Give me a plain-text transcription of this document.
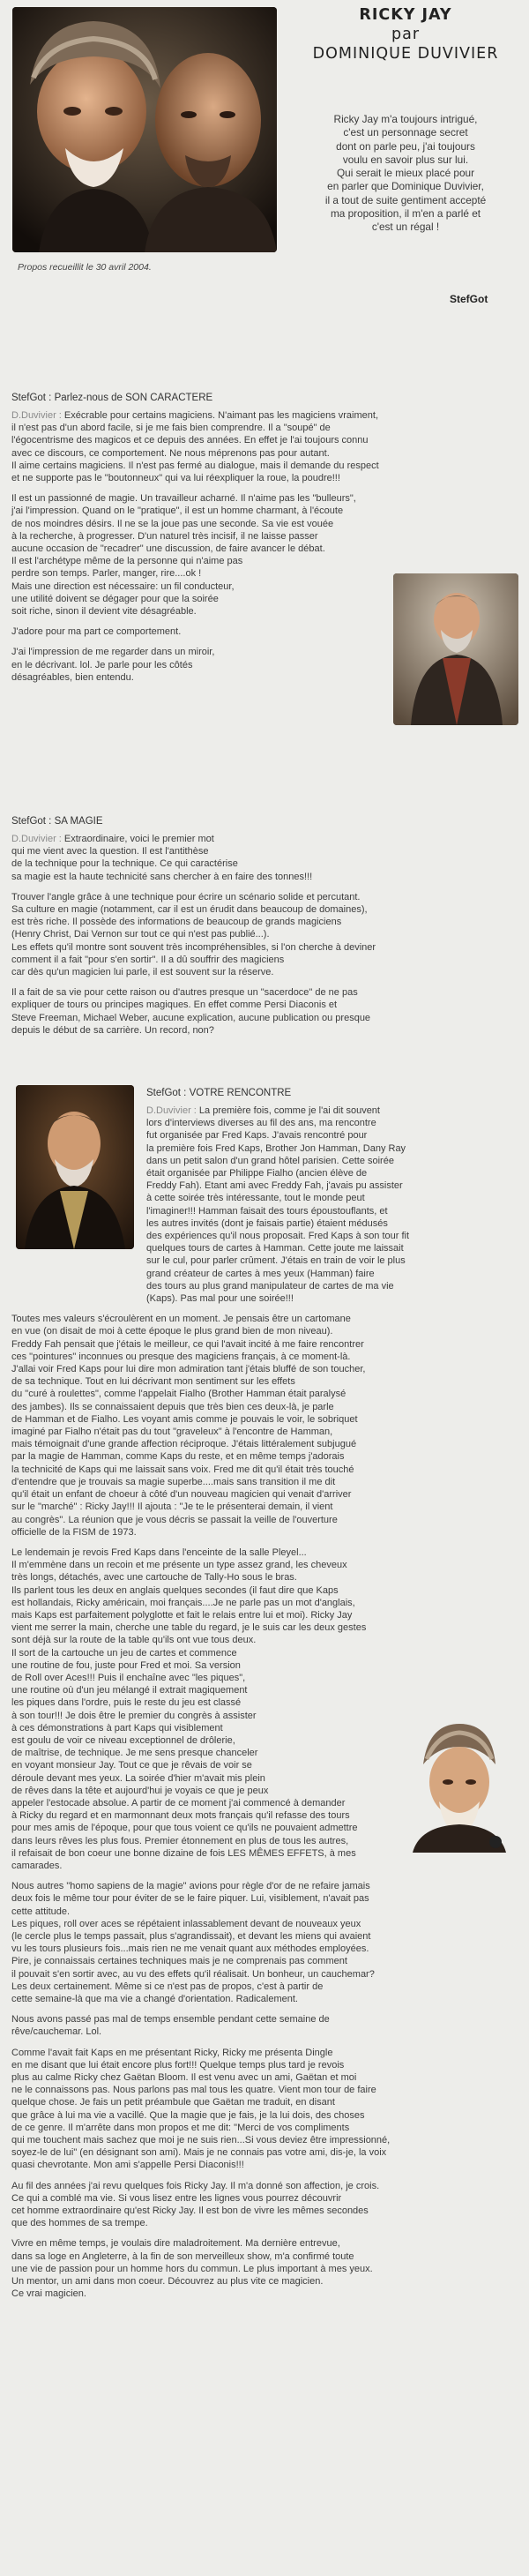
RICKY JAY
par
DOMINIQUE DUVIVIER
Ricky Jay m'a toujours intrigué,
c'est un personnage secret
dont on parle peu, j'ai toujours
voulu en savoir plus sur lui.
Qui serait le mieux placé pour
en parler que Dominique Duvivier,
il a tout de suite gentiment accepté
ma proposition, il m'en a parlé et
c'est un régal !
StefGot
Propos recueillit le 30 avril 2004.
StefGot : Parlez-nous de SON CARACTERE

D.Duvivier : Exécrable pour certains magiciens. N'aimant pas les magiciens vraiment,
il n'est pas d'un abord facile, si je me fais bien comprendre. Il a "soupé" de
l'égocentrisme des magicos et ce depuis des années. En effet je l'ai toujours connu
avec ce discours, ce comportement. Ne nous méprenons pas pour autant.
Il aime certains magiciens. Il n'est pas fermé au dialogue, mais il demande du respect
et ne supporte pas le "boutonneux" qui va lui réexpliquer la roue, la poudre!!!

Il est un passionné de magie. Un travailleur acharné. Il n'aime pas les "bulleurs",
j'ai l'impression. Quand on le "pratique", il est un homme charmant, à l'écoute
de nos moindres désirs. Il ne se la joue pas une seconde. Sa vie est vouée
à la recherche, à progresser. D'un naturel très incisif, il ne laisse passer
aucune occasion de "recadrer" une discussion, de faire avancer le débat.
Il est l'archétype même de la personne qui n'aime pas
perdre son temps. Parler, manger, rire....ok !
Mais une direction est nécessaire: un fil conducteur,
une utilité doivent se dégager pour que la soirée
soit riche, sinon il devient vite désagréable.

J'adore pour ma part ce comportement.

J'ai l'impression de me regarder dans un miroir,
en le décrivant. lol. Je parle pour les côtés
désagréables, bien entendu.

StefGot : SA MAGIE

D.Duvivier : Extraordinaire, voici le premier mot
qui me vient avec la question. Il est l'antithèse
de la technique pour la technique. Ce qui caractérise
sa magie est la haute technicité sans chercher à en faire des tonnes!!!

Trouver l'angle grâce à une technique pour écrire un scénario solide et percutant.
Sa culture en magie (notamment, car il est un érudit dans beaucoup de domaines),
est très riche. Il possède des informations de beaucoup de grands magiciens
(Henry Christ, Dai Vernon sur tout ce qui n'est pas publié...).
Les effets qu'il montre sont souvent très incompréhensibles, si l'on cherche à deviner
comment il a fait "pour s'en sortir". Il a dû souffrir des magiciens
car dès qu'un magicien lui parle, il est souvent sur la réserve.

Il a fait de sa vie pour cette raison ou d'autres presque un "sacerdoce" de ne pas
expliquer de tours ou principes magiques. En effet comme Persi Diaconis et
Steve Freeman, Michael Weber, aucune explication, aucune publication ou presque
depuis le début de sa carrière. Un record, non?

StefGot : VOTRE RENCONTRE

D.Duvivier : La première fois, comme je l'ai dit souvent
lors d'interviews diverses au fil des ans, ma rencontre
fut organisée par Fred Kaps. J'avais rencontré pour
la première fois Fred Kaps, Brother Jon Hamman, Dany Ray
dans un petit salon d'un grand hôtel parisien. Cette soirée
était organisée par Philippe Fialho (ancien élève de
Freddy Fah). Etant ami avec Freddy Fah, j'avais pu assister
à cette soirée très intéressante, tout le monde peut
l'imaginer!!! Hamman faisait des tours époustouflants, et
les autres invités (dont je faisais partie) étaient médusés
des expériences qu'il nous proposait. Fred Kaps à son tour fit
quelques tours de cartes à Hamman. Cette joute me laissait
sur le cul, pour parler crûment. J'étais en train de voir le plus
grand créateur de cartes à mes yeux (Hamman) faire
des tours au plus grand manipulateur de cartes de ma vie
(Kaps). Pas mal pour une soirée!!!

Toutes mes valeurs s'écroulèrent en un moment. Je pensais être un cartomane
en vue (on disait de moi à cette époque le plus grand bien de mon niveau).
Freddy Fah pensait que j'étais le meilleur, ce qui l'avait incité à me faire rencontrer
ces "pointures" inconnues ou presque des magiciens français, à ce moment-là.
J'allai voir Fred Kaps pour lui dire mon admiration tant j'étais bluffé de son toucher,
de sa technique. Tout en lui décrivant mon sentiment sur les effets
du "curé à roulettes", comme l'appelait Fialho (Brother Hamman était paralysé
des jambes). Ils se connaissaient depuis que très bien ces deux-là, je parle
de Hamman et de Fialho. Les voyant amis comme je pouvais le voir, le sobriquet
imaginé par Fialho n'était pas du tout "graveleux" à l'encontre de Hamman,
mais témoignait d'une grande affection réciproque. J'étais littéralement subjugué
par la magie de Hamman, comme Kaps du reste, et en même temps j'adorais
la technicité de Kaps qui me laissait sans voix. Fred me dit qu'il était très touché
d'entendre que je trouvais sa magie superbe....mais sans transition il me dit
qu'il était un enfant de choeur à côté d'un nouveau magicien qui venait d'arriver
sur le "marché" : Ricky Jay!!! Il ajouta : "Je te le présenterai demain, il vient
au congrès". La réunion que je vous décris se passait la veille de l'ouverture
officielle de la FISM de 1973.

Le lendemain je revois Fred Kaps dans l'enceinte de la salle Pleyel...
Il m'emmène dans un recoin et me présente un type assez grand, les cheveux
très longs, détachés, avec une cartouche de Tally-Ho sous le bras.
Ils parlent tous les deux en anglais quelques secondes (il faut dire que Kaps
est hollandais, Ricky américain, moi français....Je ne parle pas un mot d'anglais,
mais Kaps est parfaitement polyglotte et fait le relais entre lui et moi). Ricky Jay
vient me serrer la main, cherche une table du regard, je le suis car les deux gestes
sont déjà sur la route de la table qu'ils ont vue tous deux.
Il sort de la cartouche un jeu de cartes et commence
une routine de fou, juste pour Fred et moi. Sa version
de Roll over Aces!!! Puis il enchaîne avec "les piques",
une routine où d'un jeu mélangé il extrait magiquement
les piques dans l'ordre, puis le reste du jeu est classé
à son tour!!! Je dois être le premier du congrès à assister
à ces démonstrations à part Kaps qui visiblement
est goulu de voir ce niveau exceptionnel de drôlerie,
de maîtrise, de technique. Je me sens presque chanceler
en voyant monsieur Jay. Tout ce que je rêvais de voir se
déroule devant mes yeux. La soirée d'hier m'avait mis plein
de rêves dans la tête et aujourd'hui je voyais ce que je peux
appeler l'estocade absolue. A partir de ce moment j'ai commencé à demander
à Ricky du regard et en marmonnant deux mots français qu'il refasse des tours
pour mes amis de l'époque, pour que tous voient ce qu'ils ne pouvaient admettre
dans leurs rêves les plus fous. Premier étonnement en plus de tous les autres,
il refaisait de bon coeur une bonne dizaine de fois LES MÊMES EFFETS, à mes
camarades.

Nous autres "homo sapiens de la magie" avions pour règle d'or de ne refaire jamais
deux fois le même tour pour éviter de se le faire piquer. Lui, visiblement, n'avait pas
cette attitude.
Les piques, roll over aces se répétaient inlassablement devant de nouveaux yeux
(le cercle plus le temps passait, plus s'agrandissait), et devant les miens qui avaient
vu les tours plusieurs fois...mais rien ne me venait quant aux méthodes employées.
Pire, je connaissais certaines techniques mais je ne comprenais pas comment
il pouvait s'en sortir avec, au vu des effets qu'il réalisait. Un bonheur, un cauchemar?
Les deux certainement. Même si ce n'est pas de propos, c'est à partir de
cette semaine-là que ma vie a changé d'orientation. Radicalement.

Nous avons passé pas mal de temps ensemble pendant cette semaine de
rêve/cauchemar. Lol.

Comme l'avait fait Kaps en me présentant Ricky, Ricky me présenta Dingle
en me disant que lui était encore plus fort!!! Quelque temps plus tard je revois
plus au calme Ricky chez Gaëtan Bloom. Il est venu avec un ami, Gaëtan et moi
ne le connaissons pas. Nous parlons pas mal tous les quatre. Vient mon tour de faire
quelque chose. Je fais un petit préambule que Gaëtan me traduit, en disant
que grâce à lui ma vie a vacillé. Que la magie que je fais, je la lui dois, des choses
de ce genre. Il m'arrête dans mon propos et me dit: "Merci de vos compliments
qui me touchent mais sachez que moi je ne suis rien...Si vous deviez être impressionné,
soyez-le de lui" (en désignant son ami). Mais je ne connais pas votre ami, dis-je, la voix
quasi chevrotante. Mon ami s'appelle Persi Diaconis!!!

Au fil des années j'ai revu quelques fois Ricky Jay. Il m'a donné son affection, je crois.
Ce qui a comblé ma vie. Si vous lisez entre les lignes vous pourrez découvrir
cet homme extraordinaire qu'est Ricky Jay. Il est bon de vivre les mêmes secondes
que des hommes de sa trempe.

Vivre en même temps, je voulais dire maladroitement. Ma dernière entrevue,
dans sa loge en Angleterre, à la fin de son merveilleux show, m'a confirmé toute
une vie de passion pour un homme hors du commun. Le plus important à mes yeux.
Un mentor, un ami dans mon coeur. Découvrez au plus vite ce magicien.
Ce vrai magicien.
